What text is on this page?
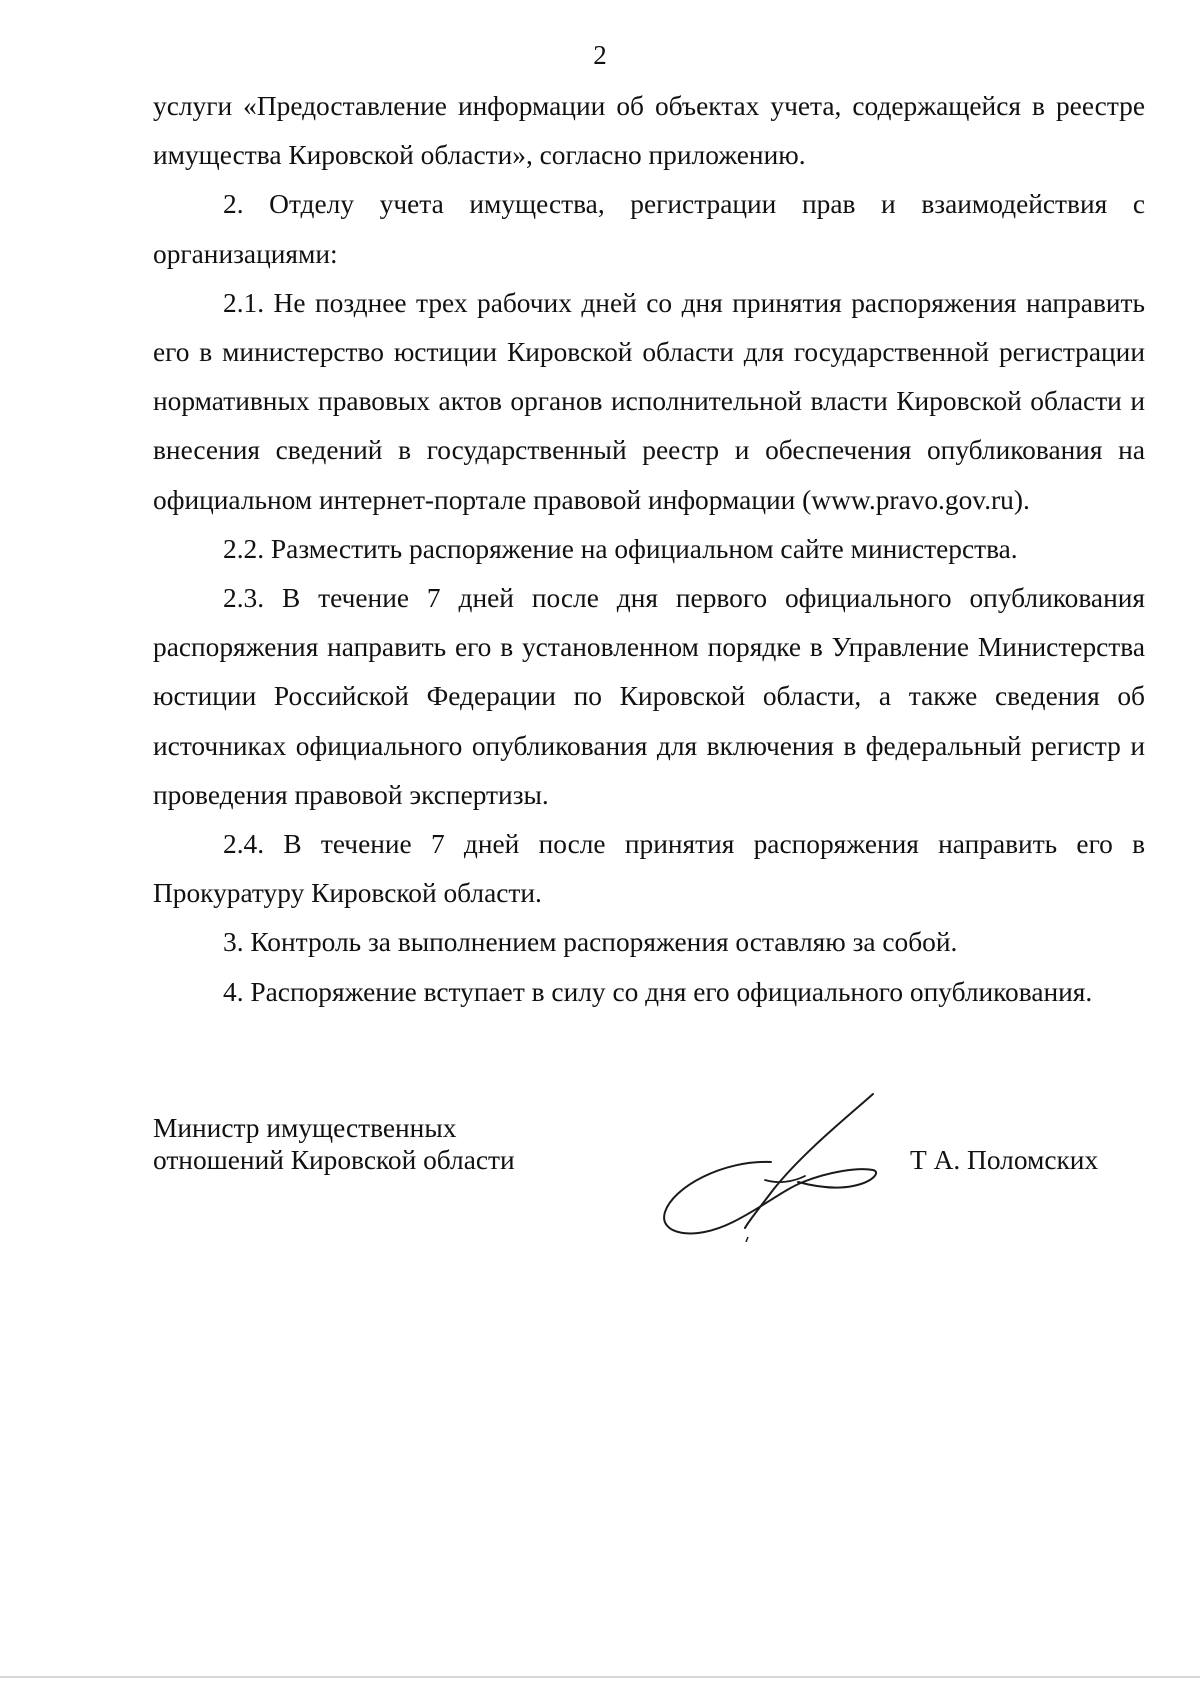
2

услуги «Предоставление информации об объектах учета, содержащейся в реестре имущества Кировской области», согласно приложению.

2. Отделу учета имущества, регистрации прав и взаимодействия с организациями:

2.1. Не позднее трех рабочих дней со дня принятия распоряжения направить его в министерство юстиции Кировской области для государственной регистрации нормативных правовых актов органов исполнительной власти Кировской области и внесения сведений в государственный реестр и обеспечения опубликования на официальном интернет-портале правовой информации (www.pravo.gov.ru).

2.2. Разместить распоряжение на официальном сайте министерства.

2.3. В течение 7 дней после дня первого официального опубликования распоряжения направить его в установленном порядке в Управление Министерства юстиции Российской Федерации по Кировской области, а также сведения об источниках официального опубликования для включения в федеральный регистр и проведения правовой экспертизы.

2.4. В течение 7 дней после принятия распоряжения направить его в Прокуратуру Кировской области.

3. Контроль за выполнением распоряжения оставляю за собой.

4. Распоряжение вступает в силу со дня его официального опубликования.

Министр имущественных
отношений Кировской области	Т А. Поломских
